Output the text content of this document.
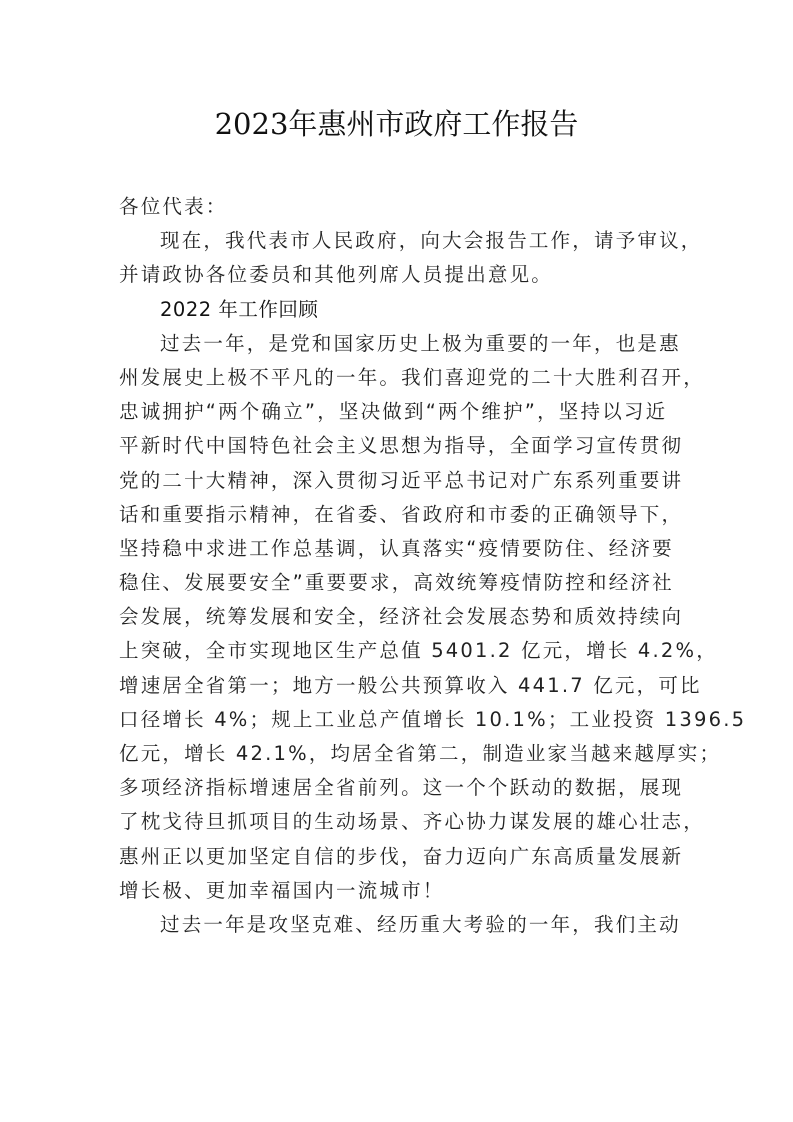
2023年惠州市政府工作报告
各位代表：
现在，我代表市人民政府，向大会报告工作，请予审议，
并请政协各位委员和其他列席人员提出意见。
2022 年工作回顾
过去一年，是党和国家历史上极为重要的一年，也是惠
州发展史上极不平凡的一年。我们喜迎党的二十大胜利召开，
忠诚拥护“两个确立”，坚决做到“两个维护”，坚持以习近
平新时代中国特色社会主义思想为指导，全面学习宣传贯彻
党的二十大精神，深入贯彻习近平总书记对广东系列重要讲
话和重要指示精神，在省委、省政府和市委的正确领导下，
坚持稳中求进工作总基调，认真落实“疫情要防住、经济要
稳住、发展要安全”重要要求，高效统筹疫情防控和经济社
会发展，统筹发展和安全，经济社会发展态势和质效持续向
上突破，全市实现地区生产总值 5401.2 亿元，增长 4.2%，
增速居全省第一；地方一般公共预算收入 441.7 亿元，可比
口径增长 4%；规上工业总产值增长 10.1%；工业投资 1396.5
亿元，增长 42.1%，均居全省第二，制造业家当越来越厚实；
多项经济指标增速居全省前列。这一个个跃动的数据，展现
了枕戈待旦抓项目的生动场景、齐心协力谋发展的雄心壮志，
惠州正以更加坚定自信的步伐，奋力迈向广东高质量发展新
增长极、更加幸福国内一流城市！
过去一年是攻坚克难、经历重大考验的一年，我们主动
